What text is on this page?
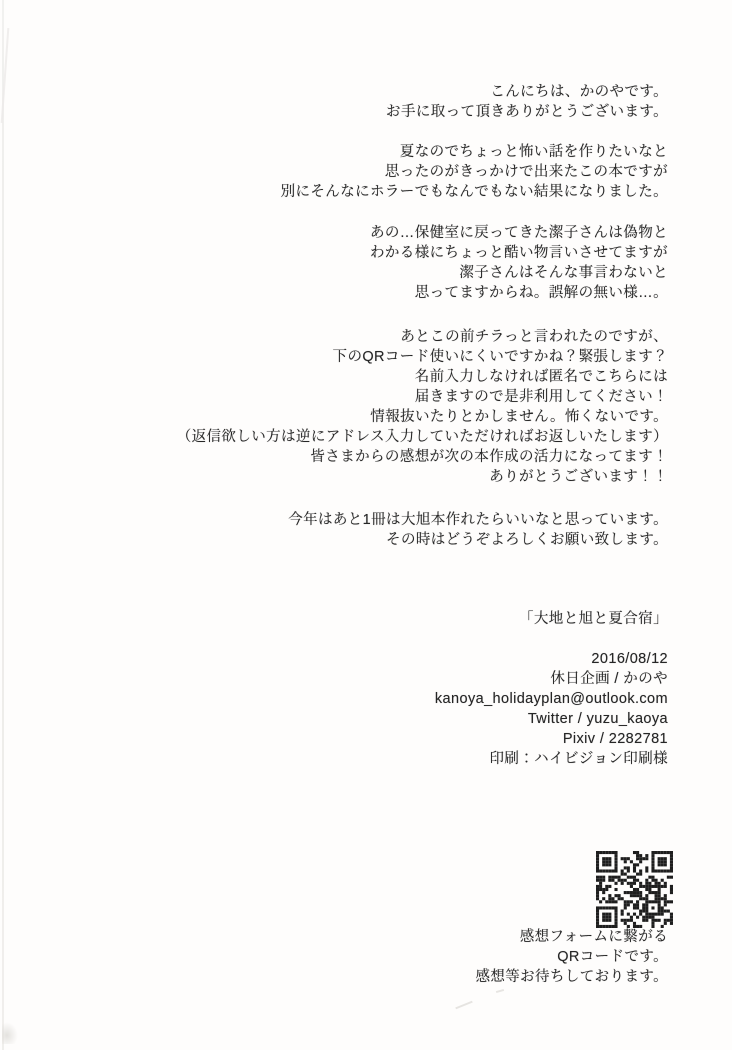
こんにちは、かのやです。
お手に取って頂きありがとうございます。
夏なのでちょっと怖い話を作りたいなと
思ったのがきっかけで出来たこの本ですが
別にそんなにホラーでもなんでもない結果になりました。
あの…保健室に戻ってきた潔子さんは偽物と
わかる様にちょっと酷い物言いさせてますが
潔子さんはそんな事言わないと
思ってますからね。誤解の無い様…。
あとこの前チラっと言われたのですが、
下のQRコード使いにくいですかね？緊張します？
名前入力しなければ匿名でこちらには
届きますので是非利用してください！
情報抜いたりとかしません。怖くないです。
（返信欲しい方は逆にアドレス入力していただければお返しいたします）
皆さまからの感想が次の本作成の活力になってます！
ありがとうございます！！
今年はあと1冊は大旭本作れたらいいなと思っています。
その時はどうぞよろしくお願い致します。
「大地と旭と夏合宿」
2016/08/12
休日企画 / かのや
kanoya_holidayplan@outlook.com
Twitter / yuzu_kaoya
Pixiv / 2282781
印刷：ハイビジョン印刷様
感想フォームに繋がる
QRコードです。
感想等お待ちしております。
